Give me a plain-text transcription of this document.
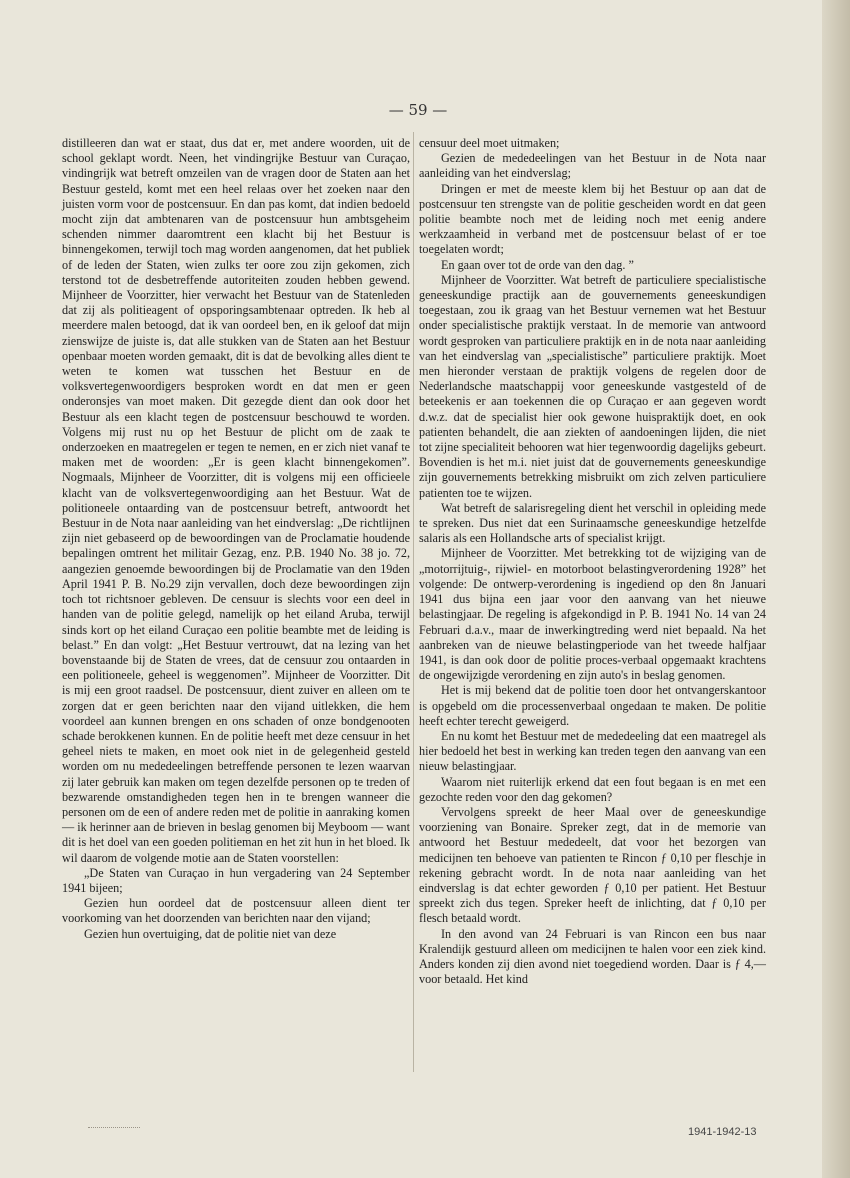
— 59 —

distilleeren dan wat er staat, dus dat er, met andere woorden, uit de school geklapt wordt. Neen, het vindingrijke Bestuur van Curaçao, vindingrijk wat betreft omzeilen van de vragen door de Staten aan het Bestuur gesteld, komt met een heel relaas over het zoeken naar den juisten vorm voor de postcensuur. En dan pas komt, dat indien bedoeld mocht zijn dat ambtenaren van de postcensuur hun ambtsgeheim schenden nimmer daaromtrent een klacht bij het Bestuur is binnengekomen, terwijl toch mag worden aangenomen, dat het publiek of de leden der Staten, wien zulks ter oore zou zijn gekomen, zich terstond tot de desbetreffende autoriteiten zouden hebben gewend. Mijnheer de Voorzitter, hier verwacht het Bestuur van de Statenleden dat zij als politieagent of opsporingsambtenaar optreden. Ik heb al meerdere malen betoogd, dat ik van oordeel ben, en ik geloof dat mijn zienswijze de juiste is, dat alle stukken van de Staten aan het Bestuur openbaar moeten worden gemaakt, dit is dat de bevolking alles dient te weten te komen wat tusschen het Bestuur en de volksvertegenwoordigers besproken wordt en dat men er geen onderonsjes van moet maken. Dit gezegde dient dan ook door het Bestuur als een klacht tegen de postcensuur beschouwd te worden. Volgens mij rust nu op het Bestuur de plicht om de zaak te onderzoeken en maatregelen er tegen te nemen, en er zich niet vanaf te maken met de woorden: „Er is geen klacht binnengekomen”. Nogmaals, Mijnheer de Voorzitter, dit is volgens mij een officieele klacht van de volksvertegenwoordiging aan het Bestuur. Wat de politioneele ontaarding van de postcensuur betreft, antwoordt het Bestuur in de Nota naar aanleiding van het eindverslag: „De richtlijnen zijn niet gebaseerd op de bewoordingen van de Proclamatie houdende bepalingen omtrent het militair Gezag, enz. P.B. 1940 No. 38 jo. 72, aangezien genoemde bewoordingen bij de Proclamatie van den 19den April 1941 P. B. No.29 zijn vervallen, doch deze bewoordingen zijn toch tot richtsnoer gebleven. De censuur is slechts voor een deel in handen van de politie gelegd, namelijk op het eiland Aruba, terwijl sinds kort op het eiland Curaçao een politie beambte met de leiding is belast.” En dan volgt: „Het Bestuur vertrouwt, dat na lezing van het bovenstaande bij de Staten de vrees, dat de censuur zou ontaarden in een politioneele, geheel is weggenomen”. Mijnheer de Voorzitter. Dit is mij een groot raadsel. De postcensuur, dient zuiver en alleen om te zorgen dat er geen berichten naar den vijand uitlekken, die hem voordeel aan kunnen brengen en ons schaden of onze bondgenooten schade berokkenen kunnen. En de politie heeft met deze censuur in het geheel niets te maken, en moet ook niet in de gelegenheid gesteld worden om nu mededeelingen betreffende personen te lezen waarvan zij later gebruik kan maken om tegen dezelfde personen op te treden of bezwarende omstandigheden tegen hen in te brengen wanneer die personen om de een of andere reden met de politie in aanraking komen — ik herinner aan de brieven in beslag genomen bij Meyboom — want dit is het doel van een goeden politieman en het zit hun in het bloed. Ik wil daarom de volgende motie aan de Staten voorstellen:

„De Staten van Curaçao in hun vergadering van 24 September 1941 bijeen;

Gezien hun oordeel dat de postcensuur alleen dient ter voorkoming van het doorzenden van berichten naar den vijand;

Gezien hun overtuiging, dat de politie niet van deze

censuur deel moet uitmaken;

Gezien de mededeelingen van het Bestuur in de Nota naar aanleiding van het eindverslag;

Dringen er met de meeste klem bij het Bestuur op aan dat de postcensuur ten strengste van de politie gescheiden wordt en dat geen politie beambte noch met de leiding noch met eenig andere werkzaamheid in verband met de postcensuur belast of er toe toegelaten wordt;

En gaan over tot de orde van den dag. ”

Mijnheer de Voorzitter. Wat betreft de particuliere specialistische geneeskundige practijk aan de gouvernements geneeskundigen toegestaan, zou ik graag van het Bestuur vernemen wat het Bestuur onder specialistische praktijk verstaat. In de memorie van antwoord wordt gesproken van particuliere praktijk en in de nota naar aanleiding van het eindverslag van „specialistische” particuliere praktijk. Moet men hieronder verstaan de praktijk volgens de regelen door de Nederlandsche maatschappij voor geneeskunde vastgesteld of de beteekenis er aan toekennen die op Curaçao er aan gegeven wordt d.w.z. dat de specialist hier ook gewone huispraktijk doet, en ook patienten behandelt, die aan ziekten of aandoeningen lijden, die niet tot zijne specialiteit behooren wat hier tegenwoordig dagelijks gebeurt. Bovendien is het m.i. niet juist dat de gouvernements geneeskundige zijn gouvernements betrekking misbruikt om zich zelven particuliere patienten toe te wijzen.

Wat betreft de salarisregeling dient het verschil in opleiding mede te spreken. Dus niet dat een Surinaamsche geneeskundige hetzelfde salaris als een Hollandsche arts of specialist krijgt.

Mijnheer de Voorzitter. Met betrekking tot de wijziging van de „motorrijtuig-, rijwiel- en motorboot belastingverordening 1928” het volgende: De ontwerp-verordening is ingediend op den 8n Januari 1941 dus bijna een jaar voor den aanvang van het nieuwe belastingjaar. De regeling is afgekondigd in P. B. 1941 No. 14 van 24 Februari d.a.v., maar de inwerkingtreding werd niet bepaald. Na het aanbreken van de nieuwe belastingperiode van het tweede halfjaar 1941, is dan ook door de politie proces-verbaal opgemaakt krachtens de ongewijzigde verordening en zijn auto's in beslag genomen.

Het is mij bekend dat de politie toen door het ontvangerskantoor is opgebeld om die processenverbaal ongedaan te maken. De politie heeft echter terecht geweigerd.

En nu komt het Bestuur met de mededeeling dat een maatregel als hier bedoeld het best in werking kan treden tegen den aanvang van een nieuw belastingjaar.

Waarom niet ruiterlijk erkend dat een fout begaan is en met een gezochte reden voor den dag gekomen?

Vervolgens spreekt de heer Maal over de geneeskundige voorziening van Bonaire. Spreker zegt, dat in de memorie van antwoord het Bestuur mededeelt, dat voor het bezorgen van medicijnen ten behoeve van patienten te Rincon ƒ 0,10 per fleschje in rekening gebracht wordt. In de nota naar aanleiding van het eindverslag is dat echter geworden ƒ 0,10 per patient. Het Bestuur spreekt zich dus tegen. Spreker heeft de inlichting, dat ƒ 0,10 per flesch betaald wordt.

In den avond van 24 Februari is van Rincon een bus naar Kralendijk gestuurd alleen om medicijnen te halen voor een ziek kind. Anders konden zij dien avond niet toegediend worden. Daar is ƒ 4,— voor betaald. Het kind

1941-1942-13
